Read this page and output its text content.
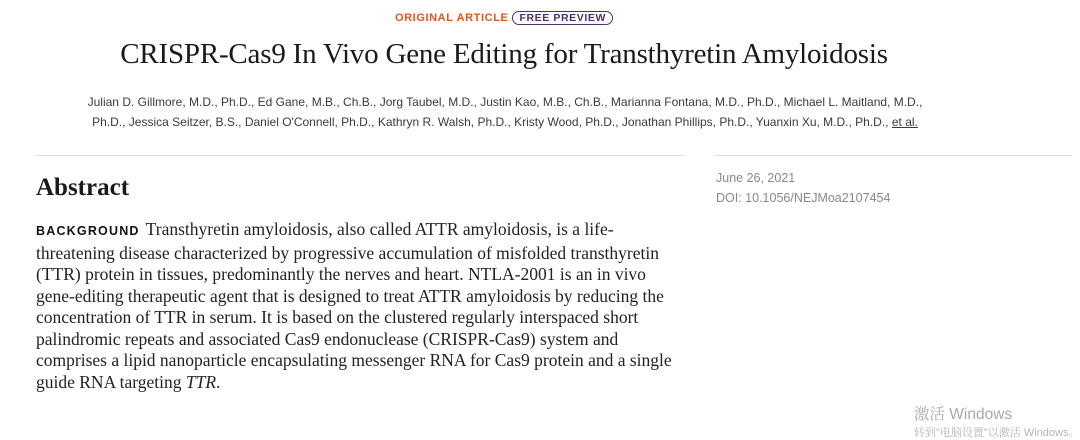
ORIGINAL ARTICLE FREE PREVIEW
CRISPR-Cas9 In Vivo Gene Editing for Transthyretin Amyloidosis
Julian D. Gillmore, M.D., Ph.D., Ed Gane, M.B., Ch.B., Jorg Taubel, M.D., Justin Kao, M.B., Ch.B., Marianna Fontana, M.D., Ph.D., Michael L. Maitland, M.D.,
Ph.D., Jessica Seitzer, B.S., Daniel O'Connell, Ph.D., Kathryn R. Walsh, Ph.D., Kristy Wood, Ph.D., Jonathan Phillips, Ph.D., Yuanxin Xu, M.D., Ph.D., et al.
Abstract

BACKGROUND Transthyretin amyloidosis, also called ATTR amyloidosis, is a life-threatening disease characterized by progressive accumulation of misfolded transthyretin (TTR) protein in tissues, predominantly the nerves and heart. NTLA-2001 is an in vivo gene-editing therapeutic agent that is designed to treat ATTR amyloidosis by reducing the concentration of TTR in serum. It is based on the clustered regularly interspaced short palindromic repeats and associated Cas9 endonuclease (CRISPR-Cas9) system and comprises a lipid nanoparticle encapsulating messenger RNA for Cas9 protein and a single guide RNA targeting TTR.

June 26, 2021
DOI: 10.1056/NEJMoa2107454
激活 Windows
转到"电脑设置"以激活 Windows。
